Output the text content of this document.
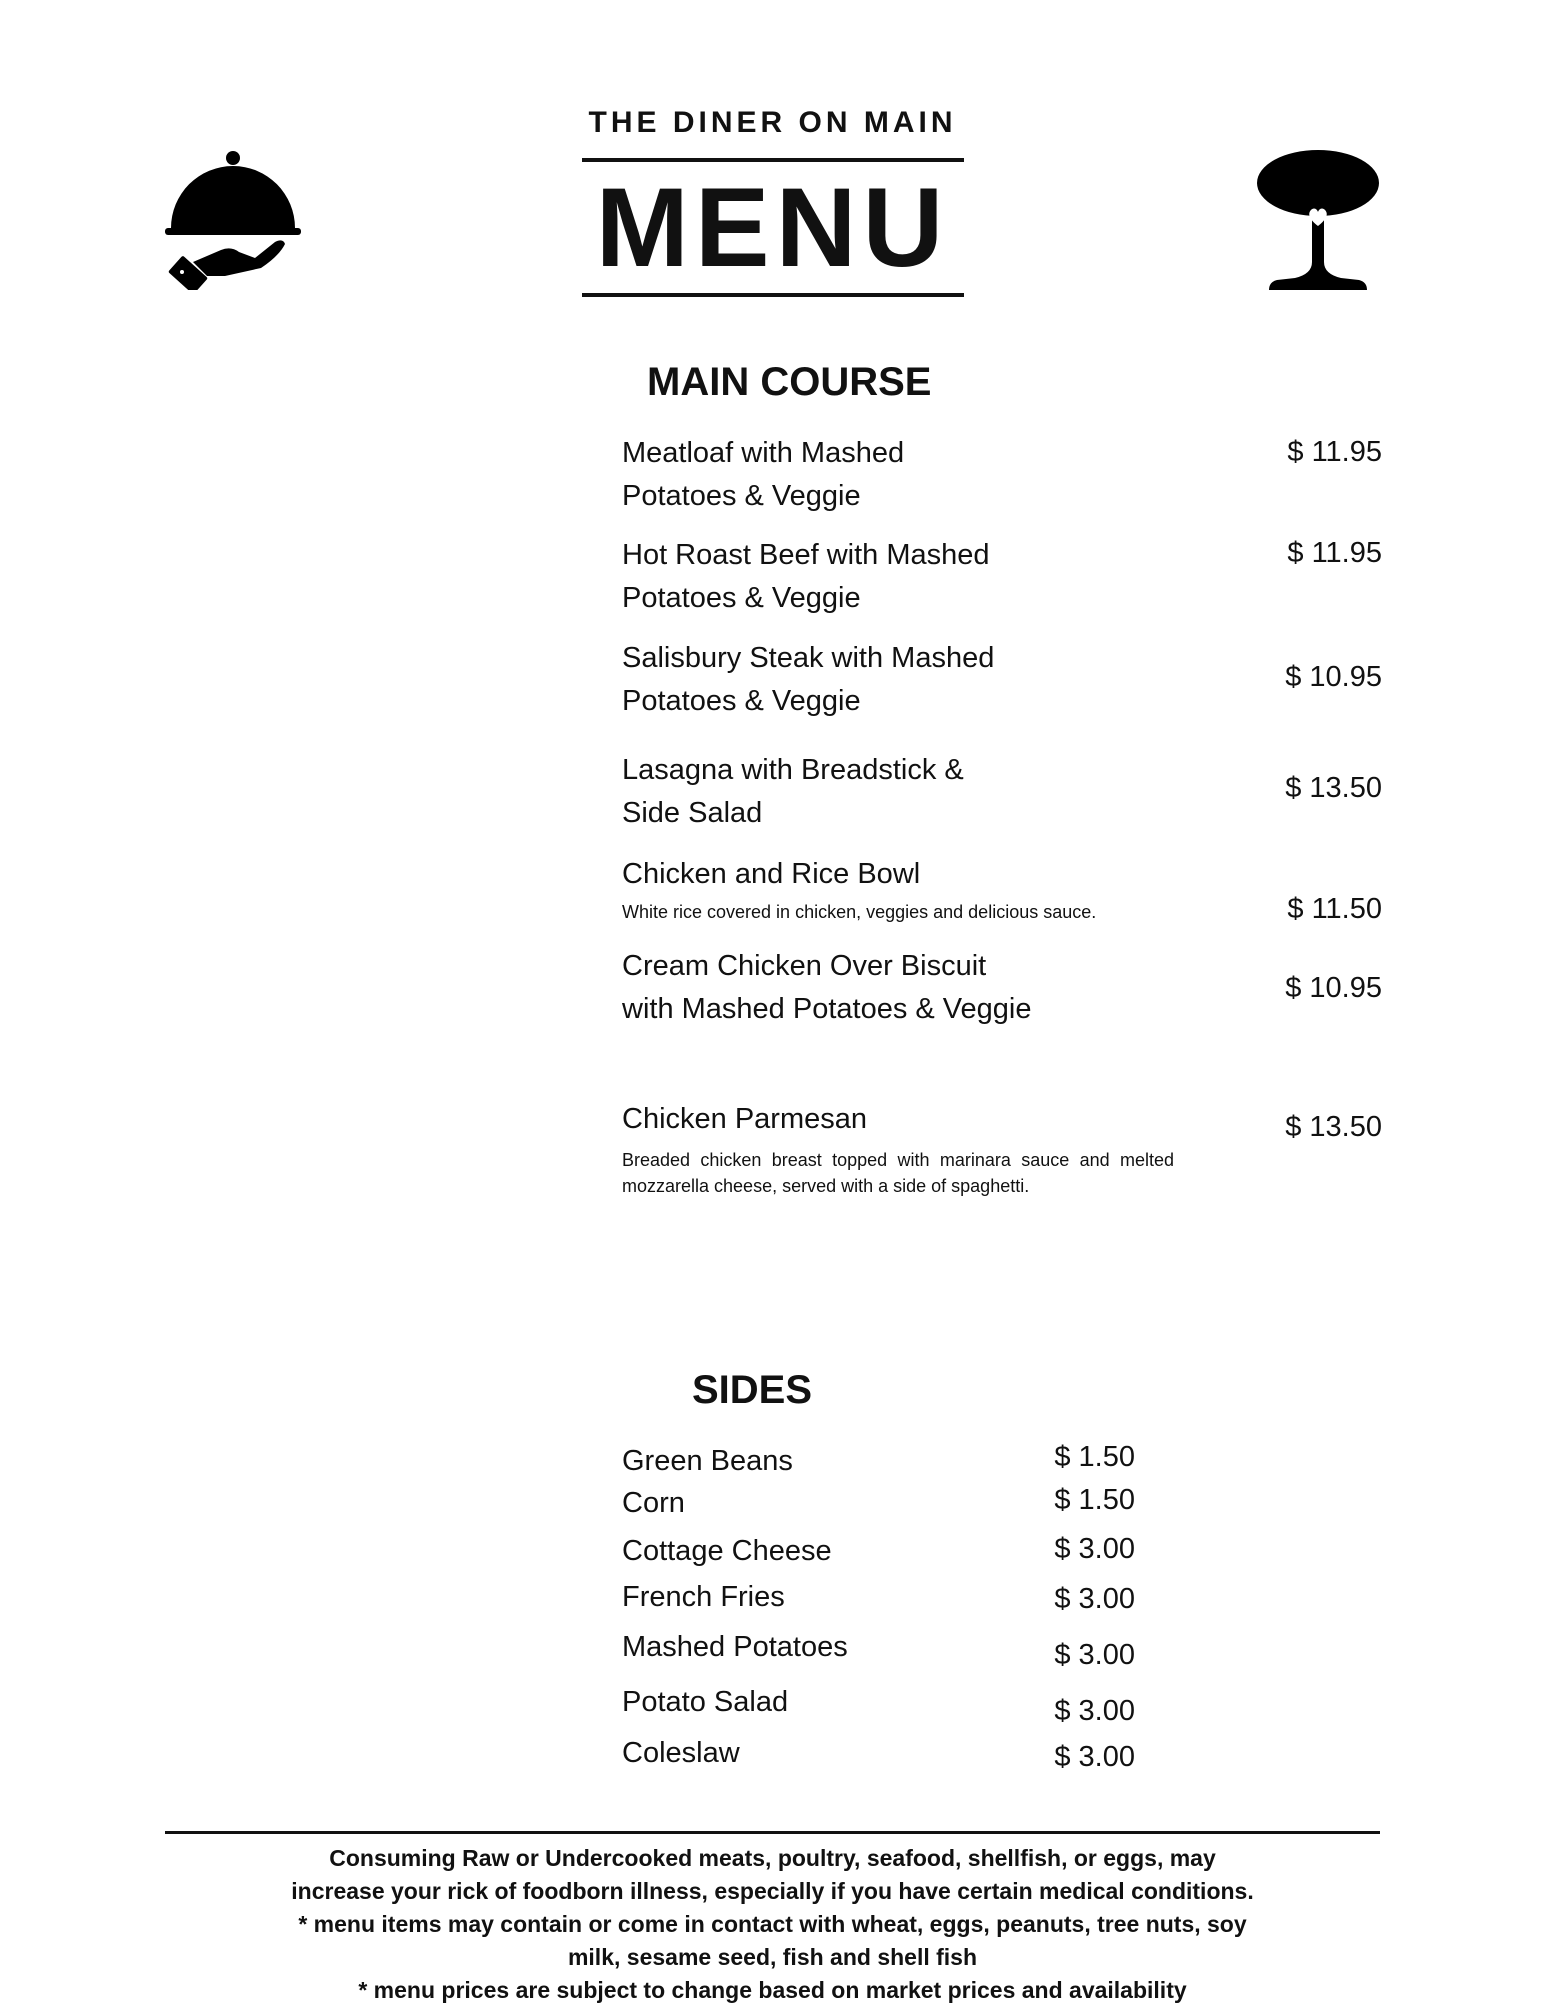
THE DINER ON MAIN
MENU
MAIN COURSE
Meatloaf with Mashed Potatoes & Veggie
$ 11.95
Hot Roast Beef with Mashed Potatoes & Veggie
$ 11.95
Salisbury Steak with Mashed Potatoes & Veggie
$ 10.95
Lasagna with Breadstick & Side Salad
$ 13.50
Chicken and Rice Bowl
White rice covered in chicken, veggies and delicious sauce.	$ 11.50
Cream Chicken Over Biscuit with Mashed Potatoes & Veggie
$ 10.95
Chicken Parmesan
Breaded chicken breast topped with marinara sauce and melted mozzarella cheese, served with a side of spaghetti.
$ 13.50
SIDES
Green Beans	$ 1.50
Corn	$ 1.50
Cottage Cheese	$ 3.00
French Fries	$ 3.00
Mashed Potatoes	$ 3.00
Potato Salad	$ 3.00
Coleslaw	$ 3.00
Consuming Raw or Undercooked meats, poultry, seafood, shellfish, or eggs, may
increase your rick of foodborn illness, especially if you have certain medical conditions.
* menu items may contain or come in contact with wheat, eggs, peanuts, tree nuts, soy
milk, sesame seed, fish and shell fish
* menu prices are subject to change based on market prices and availability
